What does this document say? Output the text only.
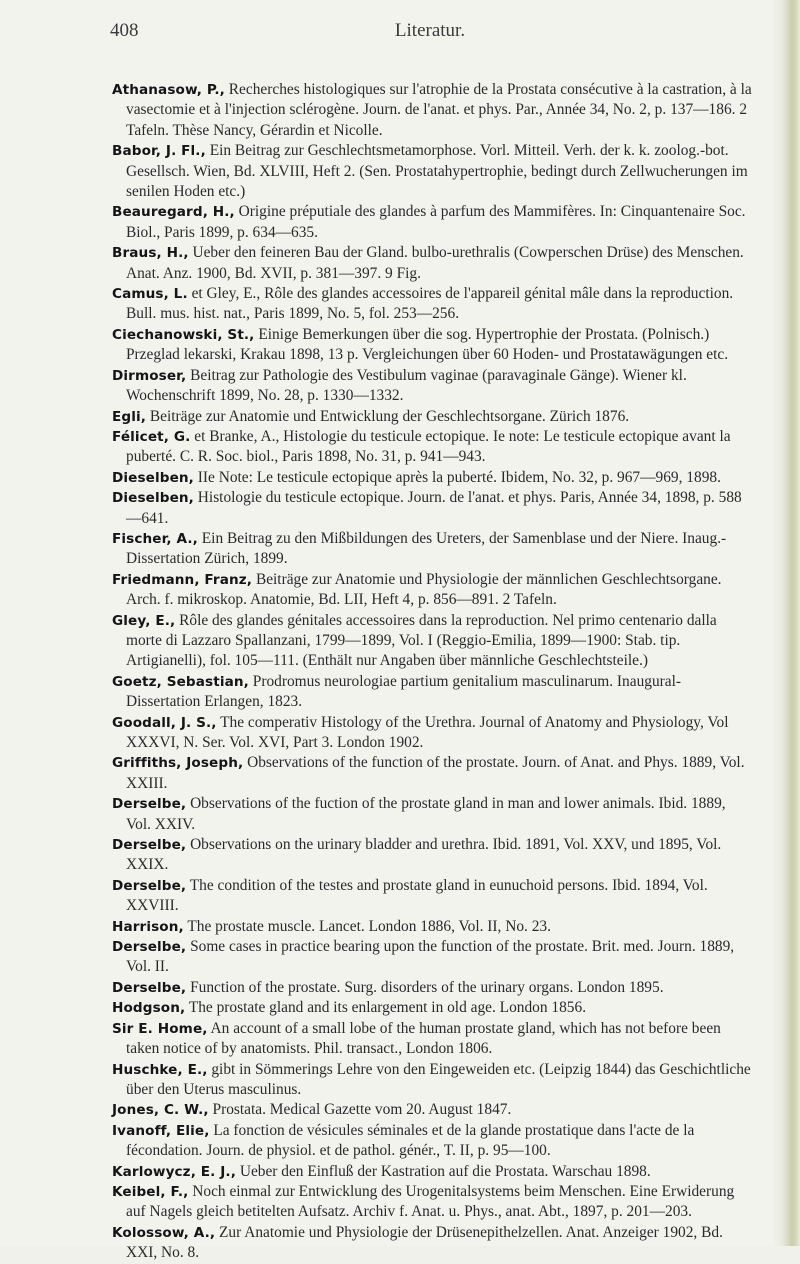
408	Literatur.

Athanasow, P., Recherches histologiques sur l'atrophie de la Prostata consécutive à la castration, à la vasectomie et à l'injection sclérogène. Journ. de l'anat. et phys. Par., Année 34, No. 2, p. 137—186. 2 Tafeln. Thèse Nancy, Gérardin et Nicolle.

Babor, J. Fl., Ein Beitrag zur Geschlechtsmetamorphose. Vorl. Mitteil. Verh. der k. k. zoolog.-bot. Gesellsch. Wien, Bd. XLVIII, Heft 2. (Sen. Prostatahypertrophie, bedingt durch Zellwucherungen im senilen Hoden etc.)

Beauregard, H., Origine préputiale des glandes à parfum des Mammifères. In: Cinquantenaire Soc. Biol., Paris 1899, p. 634—635.

Braus, H., Ueber den feineren Bau der Gland. bulbo-urethralis (Cowperschen Drüse) des Menschen. Anat. Anz. 1900, Bd. XVII, p. 381—397. 9 Fig.

Camus, L. et Gley, E., Rôle des glandes accessoires de l'appareil génital mâle dans la reproduction. Bull. mus. hist. nat., Paris 1899, No. 5, fol. 253—256.

Ciechanowski, St., Einige Bemerkungen über die sog. Hypertrophie der Prostata. (Polnisch.) Przeglad lekarski, Krakau 1898, 13 p. Vergleichungen über 60 Hoden- und Prostatawägungen etc.

Dirmoser, Beitrag zur Pathologie des Vestibulum vaginae (paravaginale Gänge). Wiener kl. Wochenschrift 1899, No. 28, p. 1330—1332.

Egli, Beiträge zur Anatomie und Entwicklung der Geschlechtsorgane. Zürich 1876.

Félicet, G. et Branke, A., Histologie du testicule ectopique. Ie note: Le testicule ectopique avant la puberté. C. R. Soc. biol., Paris 1898, No. 31, p. 941—943.

Dieselben, IIe Note: Le testicule ectopique après la puberté. Ibidem, No. 32, p. 967—969, 1898.

Dieselben, Histologie du testicule ectopique. Journ. de l'anat. et phys. Paris, Année 34, 1898, p. 588—641.

Fischer, A., Ein Beitrag zu den Mißbildungen des Ureters, der Samenblase und der Niere. Inaug.-Dissertation Zürich, 1899.

Friedmann, Franz, Beiträge zur Anatomie und Physiologie der männlichen Geschlechtsorgane. Arch. f. mikroskop. Anatomie, Bd. LII, Heft 4, p. 856—891. 2 Tafeln.

Gley, E., Rôle des glandes génitales accessoires dans la reproduction. Nel primo centenario dalla morte di Lazzaro Spallanzani, 1799—1899, Vol. I (Reggio-Emilia, 1899—1900: Stab. tip. Artigianelli), fol. 105—111. (Enthält nur Angaben über männliche Geschlechtsteile.)

Goetz, Sebastian, Prodromus neurologiae partium genitalium masculinarum. Inaugural-Dissertation Erlangen, 1823.

Goodall, J. S., The comperativ Histology of the Urethra. Journal of Anatomy and Physiology, Vol XXXVI, N. Ser. Vol. XVI, Part 3. London 1902.

Griffiths, Joseph, Observations of the function of the prostate. Journ. of Anat. and Phys. 1889, Vol. XXIII.

Derselbe, Observations of the fuction of the prostate gland in man and lower animals. Ibid. 1889, Vol. XXIV.

Derselbe, Observations on the urinary bladder and urethra. Ibid. 1891, Vol. XXV, und 1895, Vol. XXIX.

Derselbe, The condition of the testes and prostate gland in eunuchoid persons. Ibid. 1894, Vol. XXVIII.

Harrison, The prostate muscle. Lancet. London 1886, Vol. II, No. 23.

Derselbe, Some cases in practice bearing upon the function of the prostate. Brit. med. Journ. 1889, Vol. II.

Derselbe, Function of the prostate. Surg. disorders of the urinary organs. London 1895.

Hodgson, The prostate gland and its enlargement in old age. London 1856.

Sir E. Home, An account of a small lobe of the human prostate gland, which has not before been taken notice of by anatomists. Phil. transact., London 1806.

Huschke, E., gibt in Sömmerings Lehre von den Eingeweiden etc. (Leipzig 1844) das Geschichtliche über den Uterus masculinus.

Jones, C. W., Prostata. Medical Gazette vom 20. August 1847.

Ivanoff, Elie, La fonction de vésicules séminales et de la glande prostatique dans l'acte de la fécondation. Journ. de physiol. et de pathol. génér., T. II, p. 95—100.

Karlowycz, E. J., Ueber den Einfluß der Kastration auf die Prostata. Warschau 1898.

Keibel, F., Noch einmal zur Entwicklung des Urogenitalsystems beim Menschen. Eine Erwiderung auf Nagels gleich betitelten Aufsatz. Archiv f. Anat. u. Phys., anat. Abt., 1897, p. 201—203.

Kolossow, A., Zur Anatomie und Physiologie der Drüsenepithelzellen. Anat. Anzeiger 1902, Bd. XXI, No. 8.
